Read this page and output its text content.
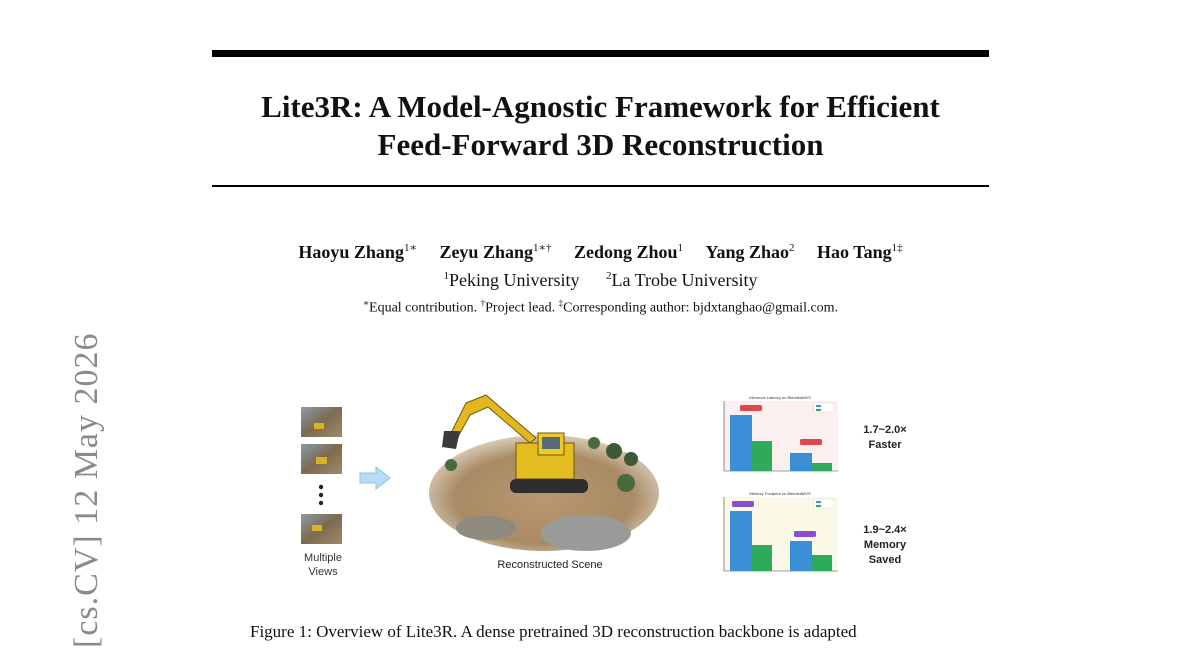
Lite3R: A Model-Agnostic Framework for Efficient
Feed-Forward 3D Reconstruction
Haoyu Zhang$^{1∗}$ Zeyu Zhang$^{1∗\dagger}$ Zedong Zhou$^1$ Yang Zhao$^2$ Hao Tang$^{1\ddagger}$
$^1$Peking University $^2$La Trobe University
∗Equal contribution. †Project lead. ‡Corresponding author: bjdxtanghao@gmail.com.
[cs.CV] 12 May 2026	Multiple
Views
Reconstructed Scene
Inference Latency on BlendedMVS
1.7~2.0×
Faster
Memory Footprint on BlendedMVS
1.9~2.4×
Memory
Saved
Figure 1: Overview of Lite3R. A dense pretrained 3D reconstruction backbone is adapted
